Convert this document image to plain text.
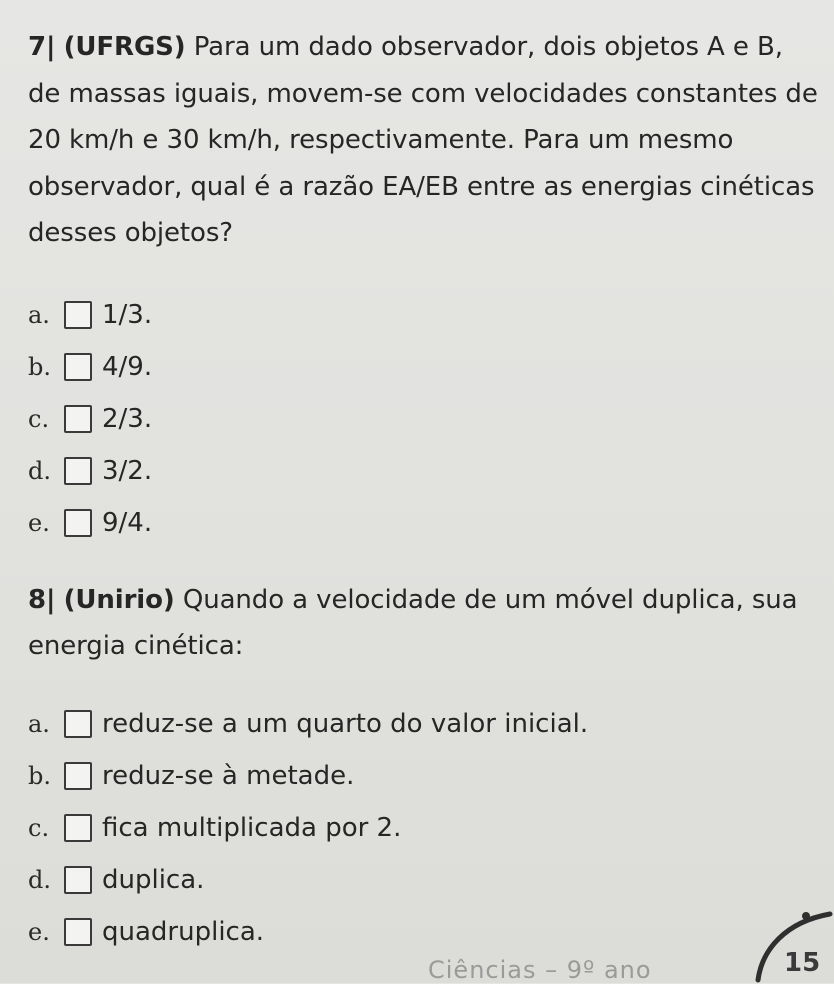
7| (UFRGS) Para um dado observador, dois objetos A e B, de massas iguais, movem-se com velocidades constantes de 20 km/h e 30 km/h, respectivamente. Para um mesmo observador, qual é a razão EA/EB entre as energias cinéticas desses objetos?

a.	1/3.
b.	4/9.
c.	2/3.
d.	3/2.
e.	9/4.

8| (Unirio) Quando a velocidade de um móvel duplica, sua energia cinética:

a.	reduz-se a um quarto do valor inicial.
b.	reduz-se à metade.
c.	fica multiplicada por 2.
d.	duplica.
e.	quadruplica.
Ciências – 9º ano	15
